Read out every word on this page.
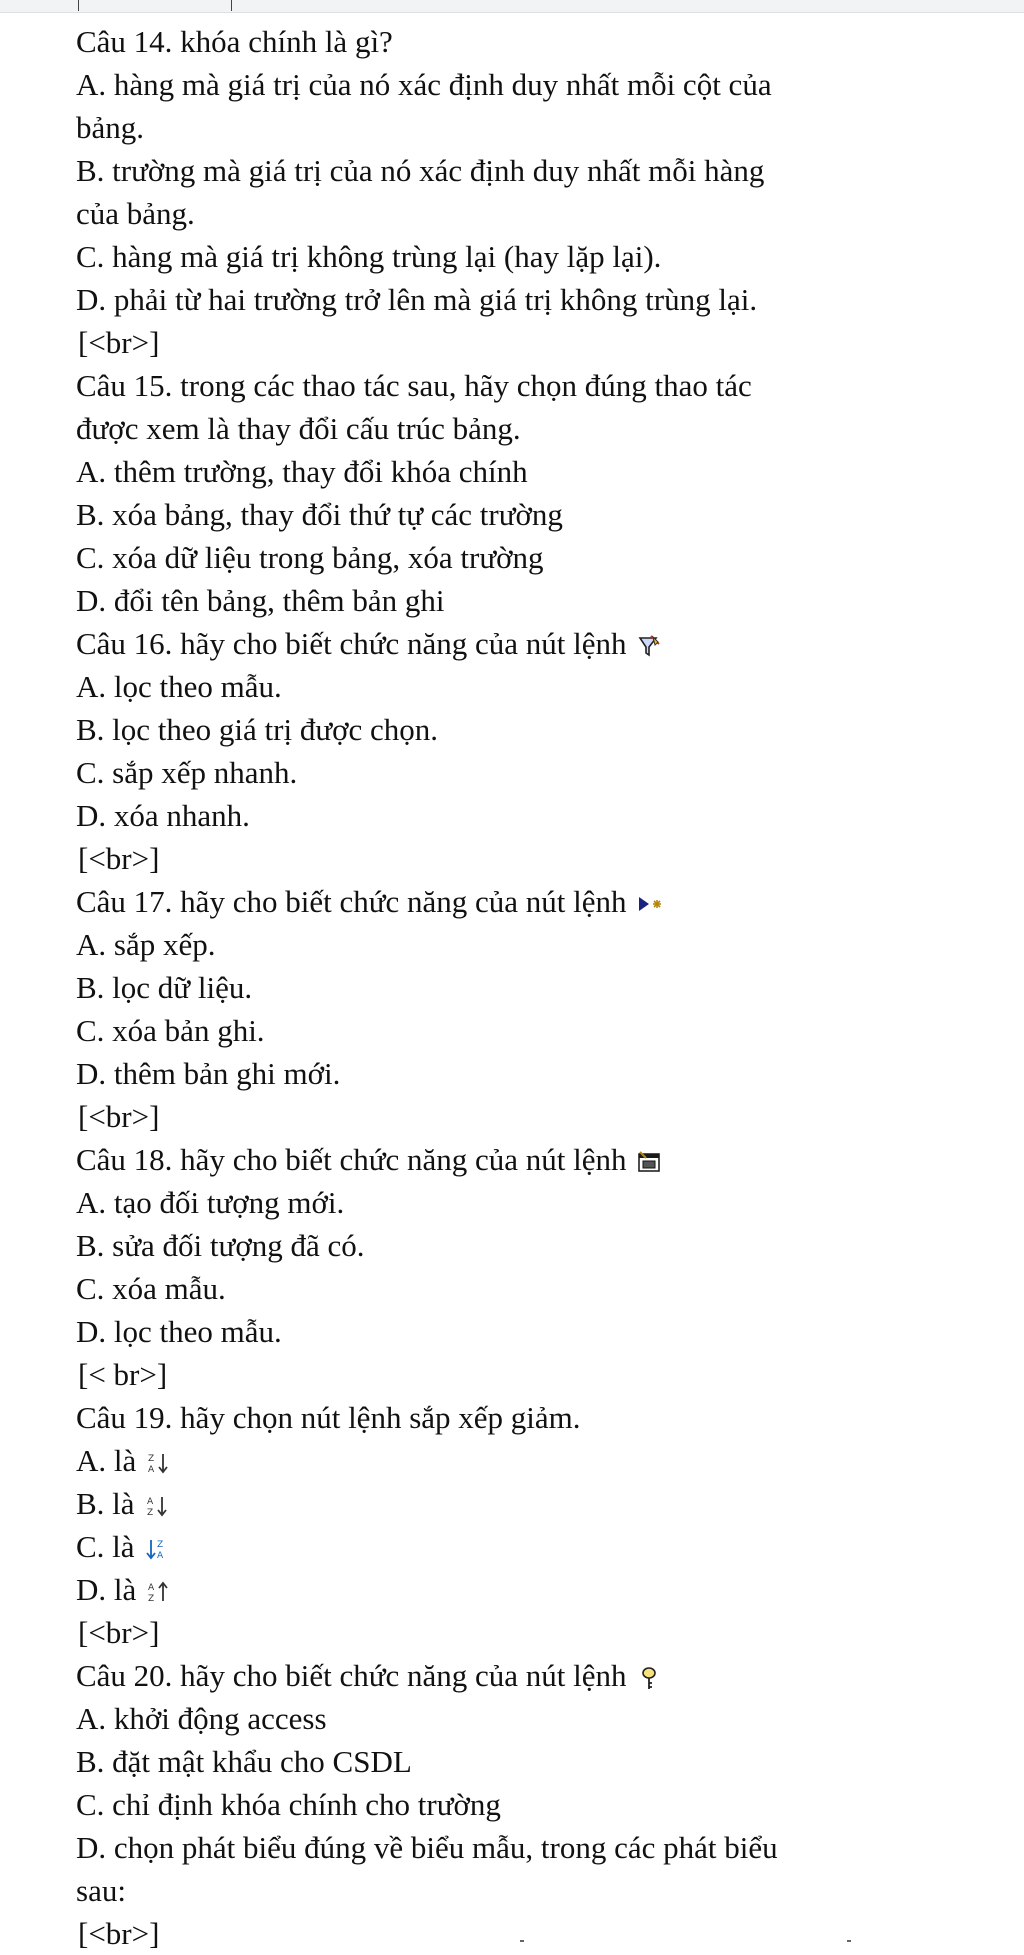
Câu 14. khóa chính là gì?
A. hàng mà giá trị của nó xác định duy nhất mỗi cột của
bảng.
B. trường mà giá trị của nó xác định duy nhất mỗi hàng
của bảng.
C. hàng mà giá trị không trùng lại (hay lặp lại).
D. phải từ hai trường trở lên mà giá trị không trùng lại.
[<br>]
Câu 15. trong các thao tác sau, hãy chọn đúng thao tác
được xem là thay đổi cấu trúc bảng.
A. thêm trường, thay đổi khóa chính
B. xóa bảng, thay đổi thứ tự các trường
C. xóa dữ liệu trong bảng, xóa trường
D. đổi tên bảng, thêm bản ghi
Câu 16. hãy cho biết chức năng của nút lệnh
A. lọc theo mẫu.
B. lọc theo giá trị được chọn.
C. sắp xếp nhanh.
D. xóa nhanh.
[<br>]
Câu 17. hãy cho biết chức năng của nút lệnh
A. sắp xếp.
B. lọc dữ liệu.
C. xóa bản ghi.
D. thêm bản ghi mới.
[<br>]
Câu 18. hãy cho biết chức năng của nút lệnh
A. tạo đối tượng mới.
B. sửa đối tượng đã có.
C. xóa mẫu.
D. lọc theo mẫu.
[< br>]
Câu 19. hãy chọn nút lệnh sắp xếp giảm.
A. là Z
A
B. là A
Z
C. là Z
A
D. là A
Z
[<br>]
Câu 20. hãy cho biết chức năng của nút lệnh
A. khởi động access
B. đặt mật khẩu cho CSDL
C. chỉ định khóa chính cho trường
D. chọn phát biểu đúng về biểu mẫu, trong các phát biểu
sau:
[<br>]
